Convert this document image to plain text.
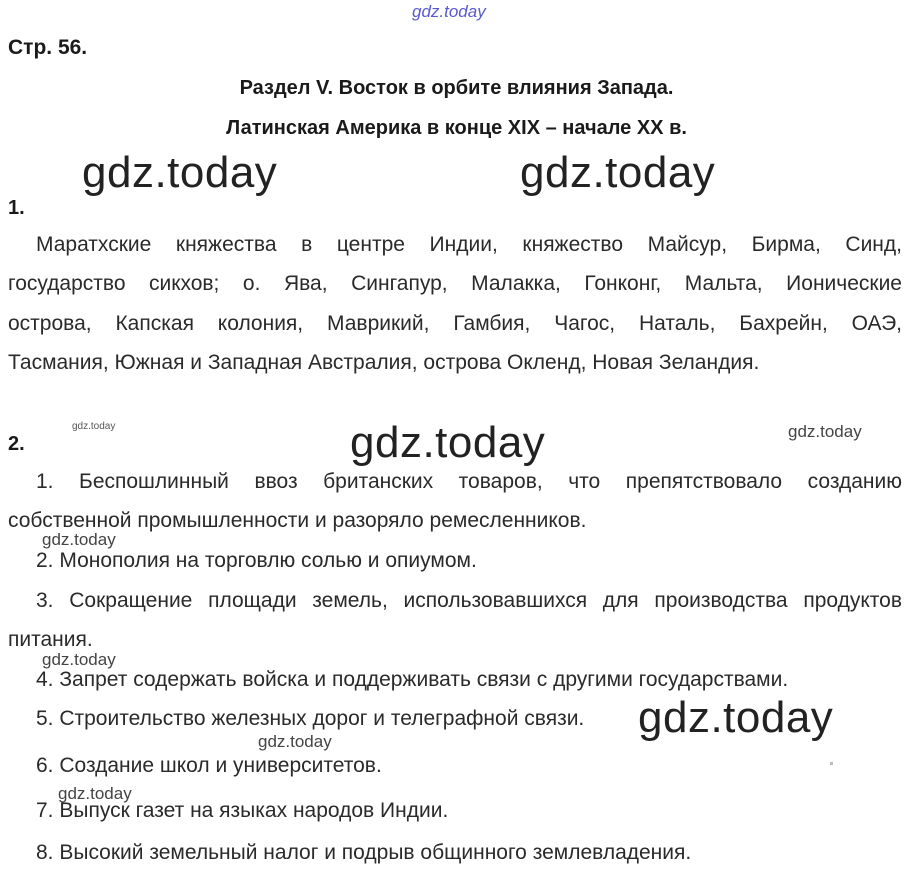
gdz.today
gdz.today	gdz.today
gdz.today	gdz.today	gdz.today
gdz.today
gdz.today
gdz.today
gdz.today
gdz.today
Стр. 56.
Раздел V. Восток в орбите влияния Запада.
Латинская Америка в конце XIX – начале XX в.
1.
Маратхские княжества в центре Индии, княжество Майсур, Бирма, Синд,
государство сикхов; о. Ява, Сингапур, Малакка, Гонконг, Мальта, Ионические
острова, Капская колония, Маврикий, Гамбия, Чагос, Наталь, Бахрейн, ОАЭ,
Тасмания, Южная и Западная Австралия, острова Окленд, Новая Зеландия.
2.
1. Беспошлинный ввоз британских товаров, что препятствовало созданию
собственной промышленности и разоряло ремесленников.
2. Монополия на торговлю солью и опиумом.
3. Сокращение площади земель, использовавшихся для производства продуктов
питания.
4. Запрет содержать войска и поддерживать связи с другими государствами.
5. Строительство железных дорог и телеграфной связи.
6. Создание школ и университетов.
7. Выпуск газет на языках народов Индии.
8. Высокий земельный налог и подрыв общинного землевладения.
